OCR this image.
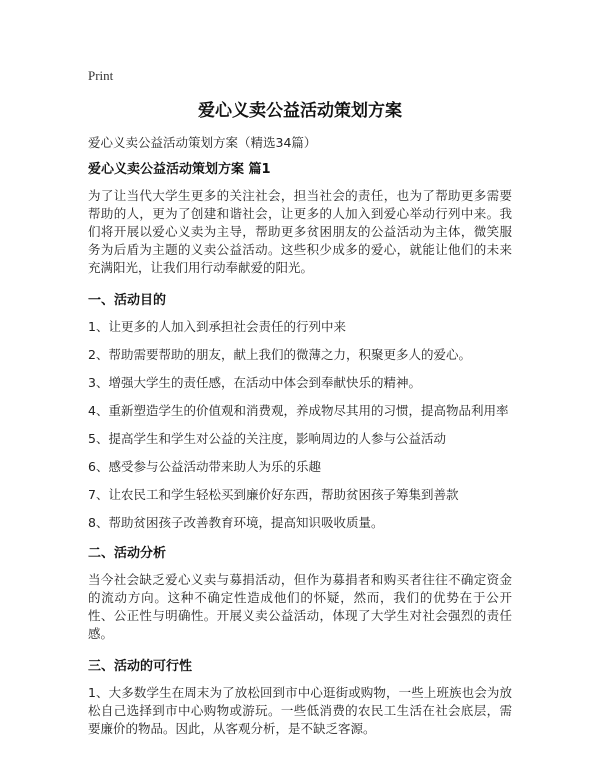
Print
爱心义卖公益活动策划方案
爱心义卖公益活动策划方案（精选34篇）
爱心义卖公益活动策划方案 篇1

为了让当代大学生更多的关注社会，担当社会的责任，也为了帮助更多需要帮助的人，更为了创建和谐社会，让更多的人加入到爱心举动行列中来。我们将开展以爱心义卖为主导，帮助更多贫困朋友的公益活动为主体，微笑服务为后盾为主题的义卖公益活动。这些积少成多的爱心，就能让他们的未来充满阳光，让我们用行动奉献爱的阳光。

一、活动目的
1、让更多的人加入到承担社会责任的行列中来
2、帮助需要帮助的朋友，献上我们的微薄之力，积聚更多人的爱心。
3、增强大学生的责任感，在活动中体会到奉献快乐的精神。
4、重新塑造学生的价值观和消费观，养成物尽其用的习惯，提高物品利用率
5、提高学生和学生对公益的关注度，影响周边的人参与公益活动
6、感受参与公益活动带来助人为乐的乐趣
7、让农民工和学生轻松买到廉价好东西，帮助贫困孩子筹集到善款
8、帮助贫困孩子改善教育环境，提高知识吸收质量。
二、活动分析

当今社会缺乏爱心义卖与募捐活动，但作为募捐者和购买者往往不确定资金的流动方向。这种不确定性造成他们的怀疑，然而，我们的优势在于公开性、公正性与明确性。开展义卖公益活动，体现了大学生对社会强烈的责任感。

三、活动的可行性

1、大多数学生在周末为了放松回到市中心逛街或购物，一些上班族也会为放松自己选择到市中心购物或游玩。一些低消费的农民工生活在社会底层，需要廉价的物品。因此，从客观分析，是不缺乏客源。
